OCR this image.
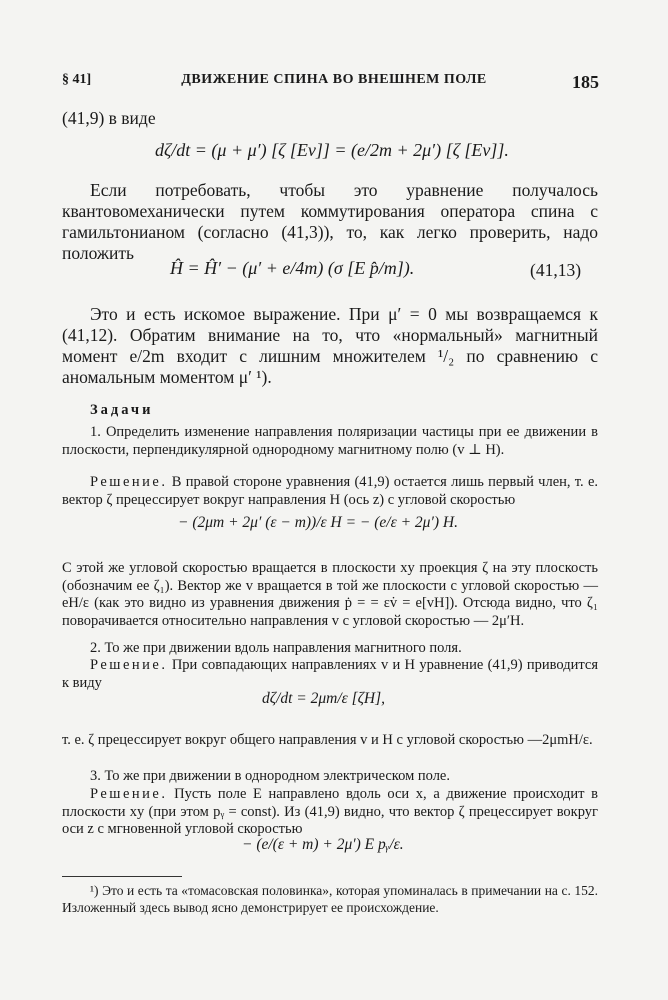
§ 41]	ДВИЖЕНИЕ СПИНА ВО ВНЕШНЕМ ПОЛЕ	185
(41,9) в виде
dζ/dt = (μ + μ′) [ζ [Ev]] = (e/2m + 2μ′) [ζ [Ev]].
Если потребовать, чтобы это уравнение получалось квантовомеханически путем коммутирования оператора спина с гамильтонианом (согласно (41,3)), то, как легко проверить, надо положить
Ĥ = Ĥ′ − (μ′ + e/4m) (σ [E p̂/m]).	(41,13)
Это и есть искомое выражение. При μ′ = 0 мы возвращаемся к (41,12). Обратим внимание на то, что «нормальный» магнитный момент e/2m входит с лишним множителем ¹/₂ по сравнению с аномальным моментом μ′ ¹).
Задачи
1. Определить изменение направления поляризации частицы при ее движении в плоскости, перпендикулярной однородному магнитному полю (v ⊥ H).
Решение. В правой стороне уравнения (41,9) остается лишь первый член, т. е. вектор ζ прецессирует вокруг направления H (ось z) с угловой скоростью
− (2μm + 2μ′ (ε − m))/ε H = − (e/ε + 2μ′) H.
С этой же угловой скоростью вращается в плоскости xy проекция ζ на эту плоскость (обозначим ее ζ₁). Вектор же v вращается в той же плоскости с угловой скоростью —eH/ε (как это видно из уравнения движения ṗ = = εv̇ = e[vH]). Отсюда видно, что ζ₁ поворачивается относительно направления v с угловой скоростью — 2μ′H.
2. То же при движении вдоль направления магнитного поля.
Решение. При совпадающих направлениях v и H уравнение (41,9) приводится к виду
dζ/dt = 2μm/ε [ζH],
т. е. ζ прецессирует вокруг общего направления v и H с угловой скоростью —2μmH/ε.
3. То же при движении в однородном электрическом поле.
Решение. Пусть поле E направлено вдоль оси x, а движение происходит в плоскости xy (при этом pᵧ = const). Из (41,9) видно, что вектор ζ прецессирует вокруг оси z с мгновенной угловой скоростью
− (e/(ε + m) + 2μ′) E pᵧ/ε.
¹) Это и есть та «томасовская половинка», которая упоминалась в примечании на с. 152. Изложенный здесь вывод ясно демонстрирует ее происхождение.
